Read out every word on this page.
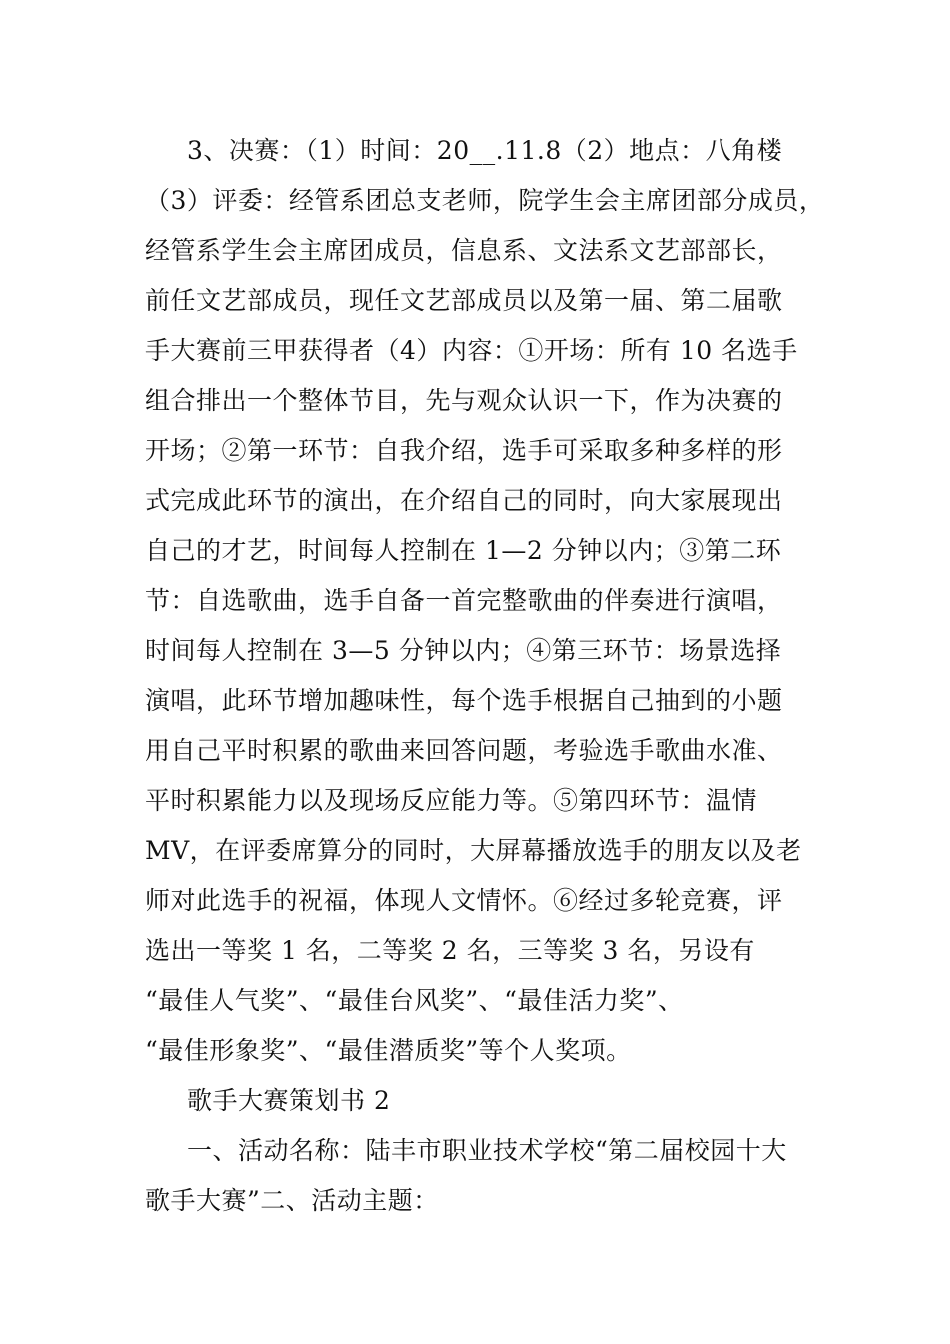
3、决赛：（1）时间：20__.11.8（2）地点：八角楼
（3）评委：经管系团总支老师，院学生会主席团部分成员，
经管系学生会主席团成员，信息系、文法系文艺部部长，
前任文艺部成员，现任文艺部成员以及第一届、第二届歌
手大赛前三甲获得者（4）内容：①开场：所有 10 名选手
组合排出一个整体节目，先与观众认识一下，作为决赛的
开场；②第一环节：自我介绍，选手可采取多种多样的形
式完成此环节的演出，在介绍自己的同时，向大家展现出
自己的才艺，时间每人控制在 1—2 分钟以内；③第二环
节：自选歌曲，选手自备一首完整歌曲的伴奏进行演唱，
时间每人控制在 3—5 分钟以内；④第三环节：场景选择
演唱，此环节增加趣味性，每个选手根据自己抽到的小题
用自己平时积累的歌曲来回答问题，考验选手歌曲水准、
平时积累能力以及现场反应能力等。⑤第四环节：温情
MV，在评委席算分的同时，大屏幕播放选手的朋友以及老
师对此选手的祝福，体现人文情怀。⑥经过多轮竞赛，评
选出一等奖 1 名，二等奖 2 名，三等奖 3 名，另设有
“最佳人气奖”、“最佳台风奖”、“最佳活力奖”、
“最佳形象奖”、“最佳潜质奖”等个人奖项。
歌手大赛策划书 2
一、活动名称：陆丰市职业技术学校“第二届校园十大
歌手大赛”二、活动主题：
